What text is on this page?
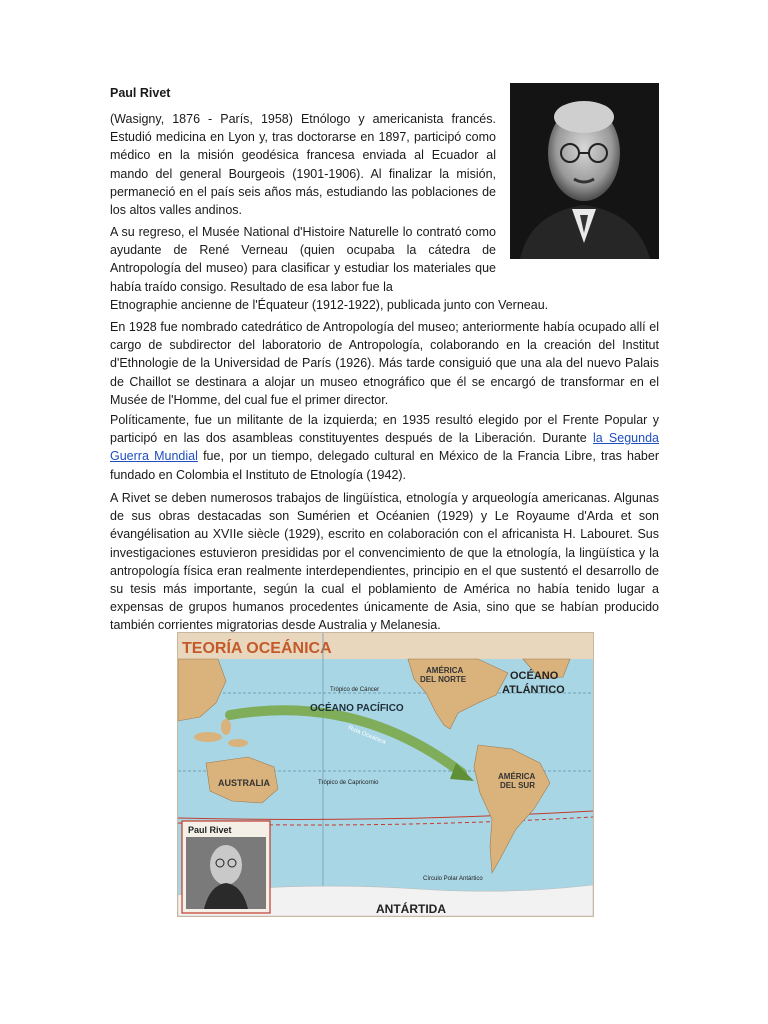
Paul Rivet

(Wasigny, 1876 - París, 1958) Etnólogo y americanista francés. Estudió medicina en Lyon y, tras doctorarse en 1897, participó como médico en la misión geodésica francesa enviada al Ecuador al mando del general Bourgeois (1901-1906). Al finalizar la misión, permaneció en el país seis años más, estudiando las poblaciones de los altos valles andinos.

A su regreso, el Musée National d'Histoire Naturelle lo contrató como ayudante de René Verneau (quien ocupaba la cátedra de Antropología del museo) para clasificar y estudiar los materiales que había traído consigo. Resultado de esa labor fue la
Etnographie ancienne de l'Équateur (1912-1922), publicada junto con Verneau.

En 1928 fue nombrado catedrático de Antropología del museo; anteriormente había ocupado allí el cargo de subdirector del laboratorio de Antropología, colaborando en la creación del Institut d'Ethnologie de la Universidad de París (1926). Más tarde consiguió que una ala del nuevo Palais de Chaillot se destinara a alojar un museo etnográfico que él se encargó de transformar en el Musée de l'Homme, del cual fue el primer director.

Políticamente, fue un militante de la izquierda; en 1935 resultó elegido por el Frente Popular y participó en las dos asambleas constituyentes después de la Liberación. Durante la Segunda Guerra Mundial fue, por un tiempo, delegado cultural en México de la Francia Libre, tras haber fundado en Colombia el Instituto de Etnología (1942).

A Rivet se deben numerosos trabajos de lingüística, etnología y arqueología americanas. Algunas de sus obras destacadas son Sumérien et Océanien (1929) y Le Royaume d'Arda et son évangélisation au XVIIe siècle (1929), escrito en colaboración con el africanista H. Labouret. Sus investigaciones estuvieron presididas por el convencimiento de que la etnología, la lingüística y la antropología física eran realmente interdependientes, principio en el que sustentó el desarrollo de su tesis más importante, según la cual el poblamiento de América no había tenido lugar a expensas de grupos humanos procedentes únicamente de Asia, sino que se habían producido también corrientes migratorias desde Australia y Melanesia.

TEORÍA OCEÁNICA
AMÉRICA
DEL NORTE	OCÉANO
ATLÁNTICO
Trópico de Cáncer
OCÉANO PACÍFICO
Ruta Oceánica
AMÉRICA
DEL SUR
AUSTRALIA	Trópico de Capricornio
Círculo Polar Antártico
ANTÁRTIDA
Paul Rivet
